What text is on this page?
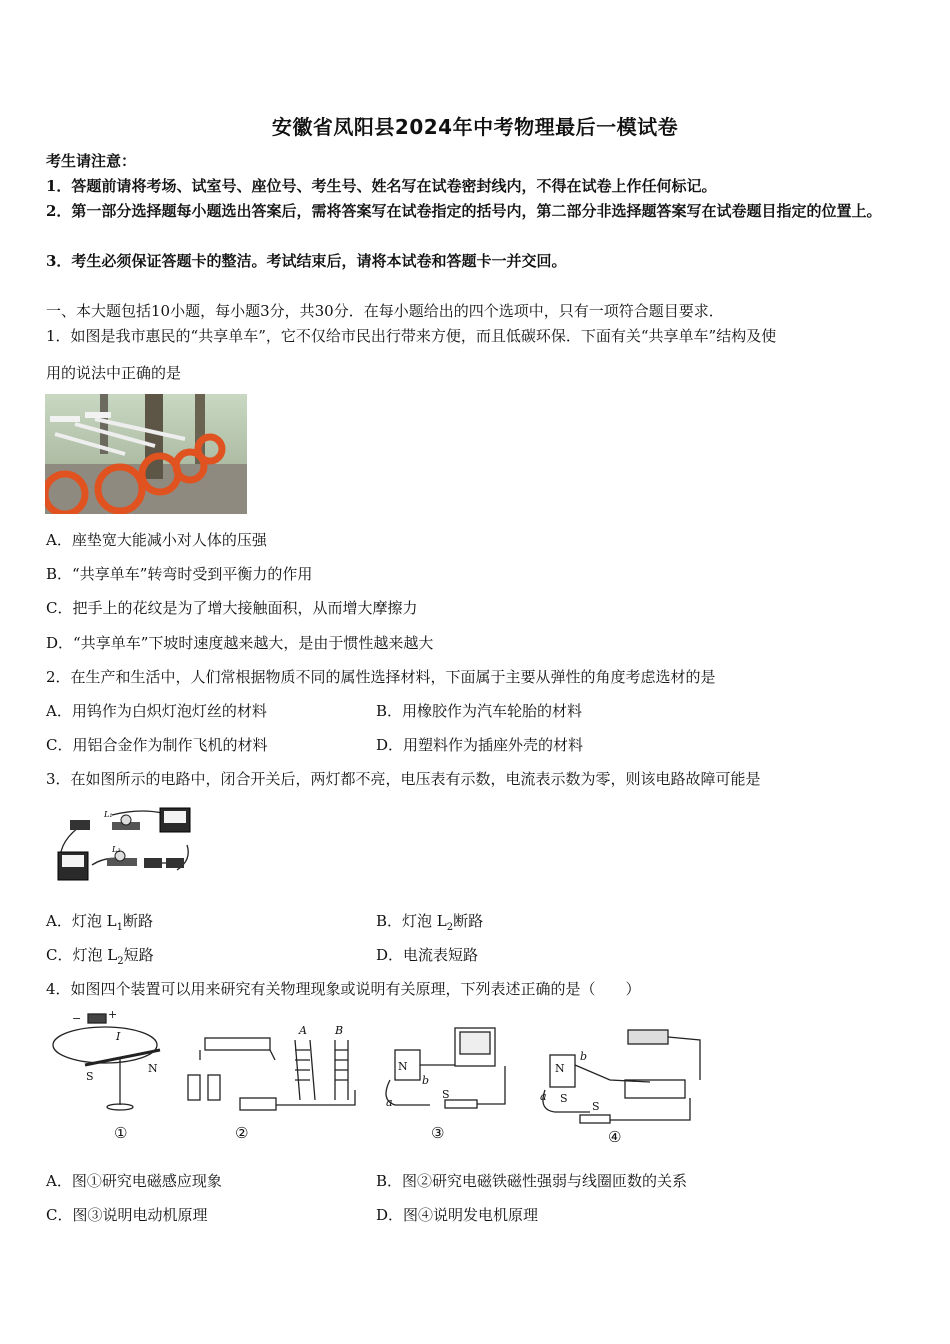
安徽省凤阳县2024年中考物理最后一模试卷
考生请注意：
1．答题前请将考场、试室号、座位号、考生号、姓名写在试卷密封线内，不得在试卷上作任何标记。
2．第一部分选择题每小题选出答案后，需将答案写在试卷指定的括号内，第二部分非选择题答案写在试卷题目指定的位置上。
3．考生必须保证答题卡的整洁。考试结束后，请将本试卷和答题卡一并交回。
一、本大题包括10小题，每小题3分，共30分．在每小题给出的四个选项中，只有一项符合题目要求．
1．如图是我市惠民的“共享单车”，它不仅给市民出行带来方便，而且低碳环保．下面有关“共享单车”结构及使
用的说法中正确的是
A．座垫宽大能减小对人体的压强
B．“共享单车”转弯时受到平衡力的作用
C．把手上的花纹是为了增大接触面积，从而增大摩擦力
D．“共享单车”下坡时速度越来越大，是由于惯性越来越大
2．在生产和生活中，人们常根据物质不同的属性选择材料，下面属于主要从弹性的角度考虑选材的是
A．用钨作为白炽灯泡灯丝的材料	B．用橡胶作为汽车轮胎的材料
C．用铝合金作为制作飞机的材料	D．用塑料作为插座外壳的材料
3．在如图所示的电路中，闭合开关后，两灯都不亮，电压表有示数，电流表示数为零，则该电路故障可能是
L₁
L₂
A．灯泡 $L_1$断路	B．灯泡 $L_2$断路
C．灯泡 $L_2$短路	D．电流表短路
4．如图四个装置可以用来研究有关物理现象或说明有关原理，下列表述正确的是（　　）
S
N
I
− +
A	B
N
a
b
S
N
S
a
b
S
①	②	③	④
A．图①研究电磁感应现象	B．图②研究电磁铁磁性强弱与线圈匝数的关系
C．图③说明电动机原理	D．图④说明发电机原理
